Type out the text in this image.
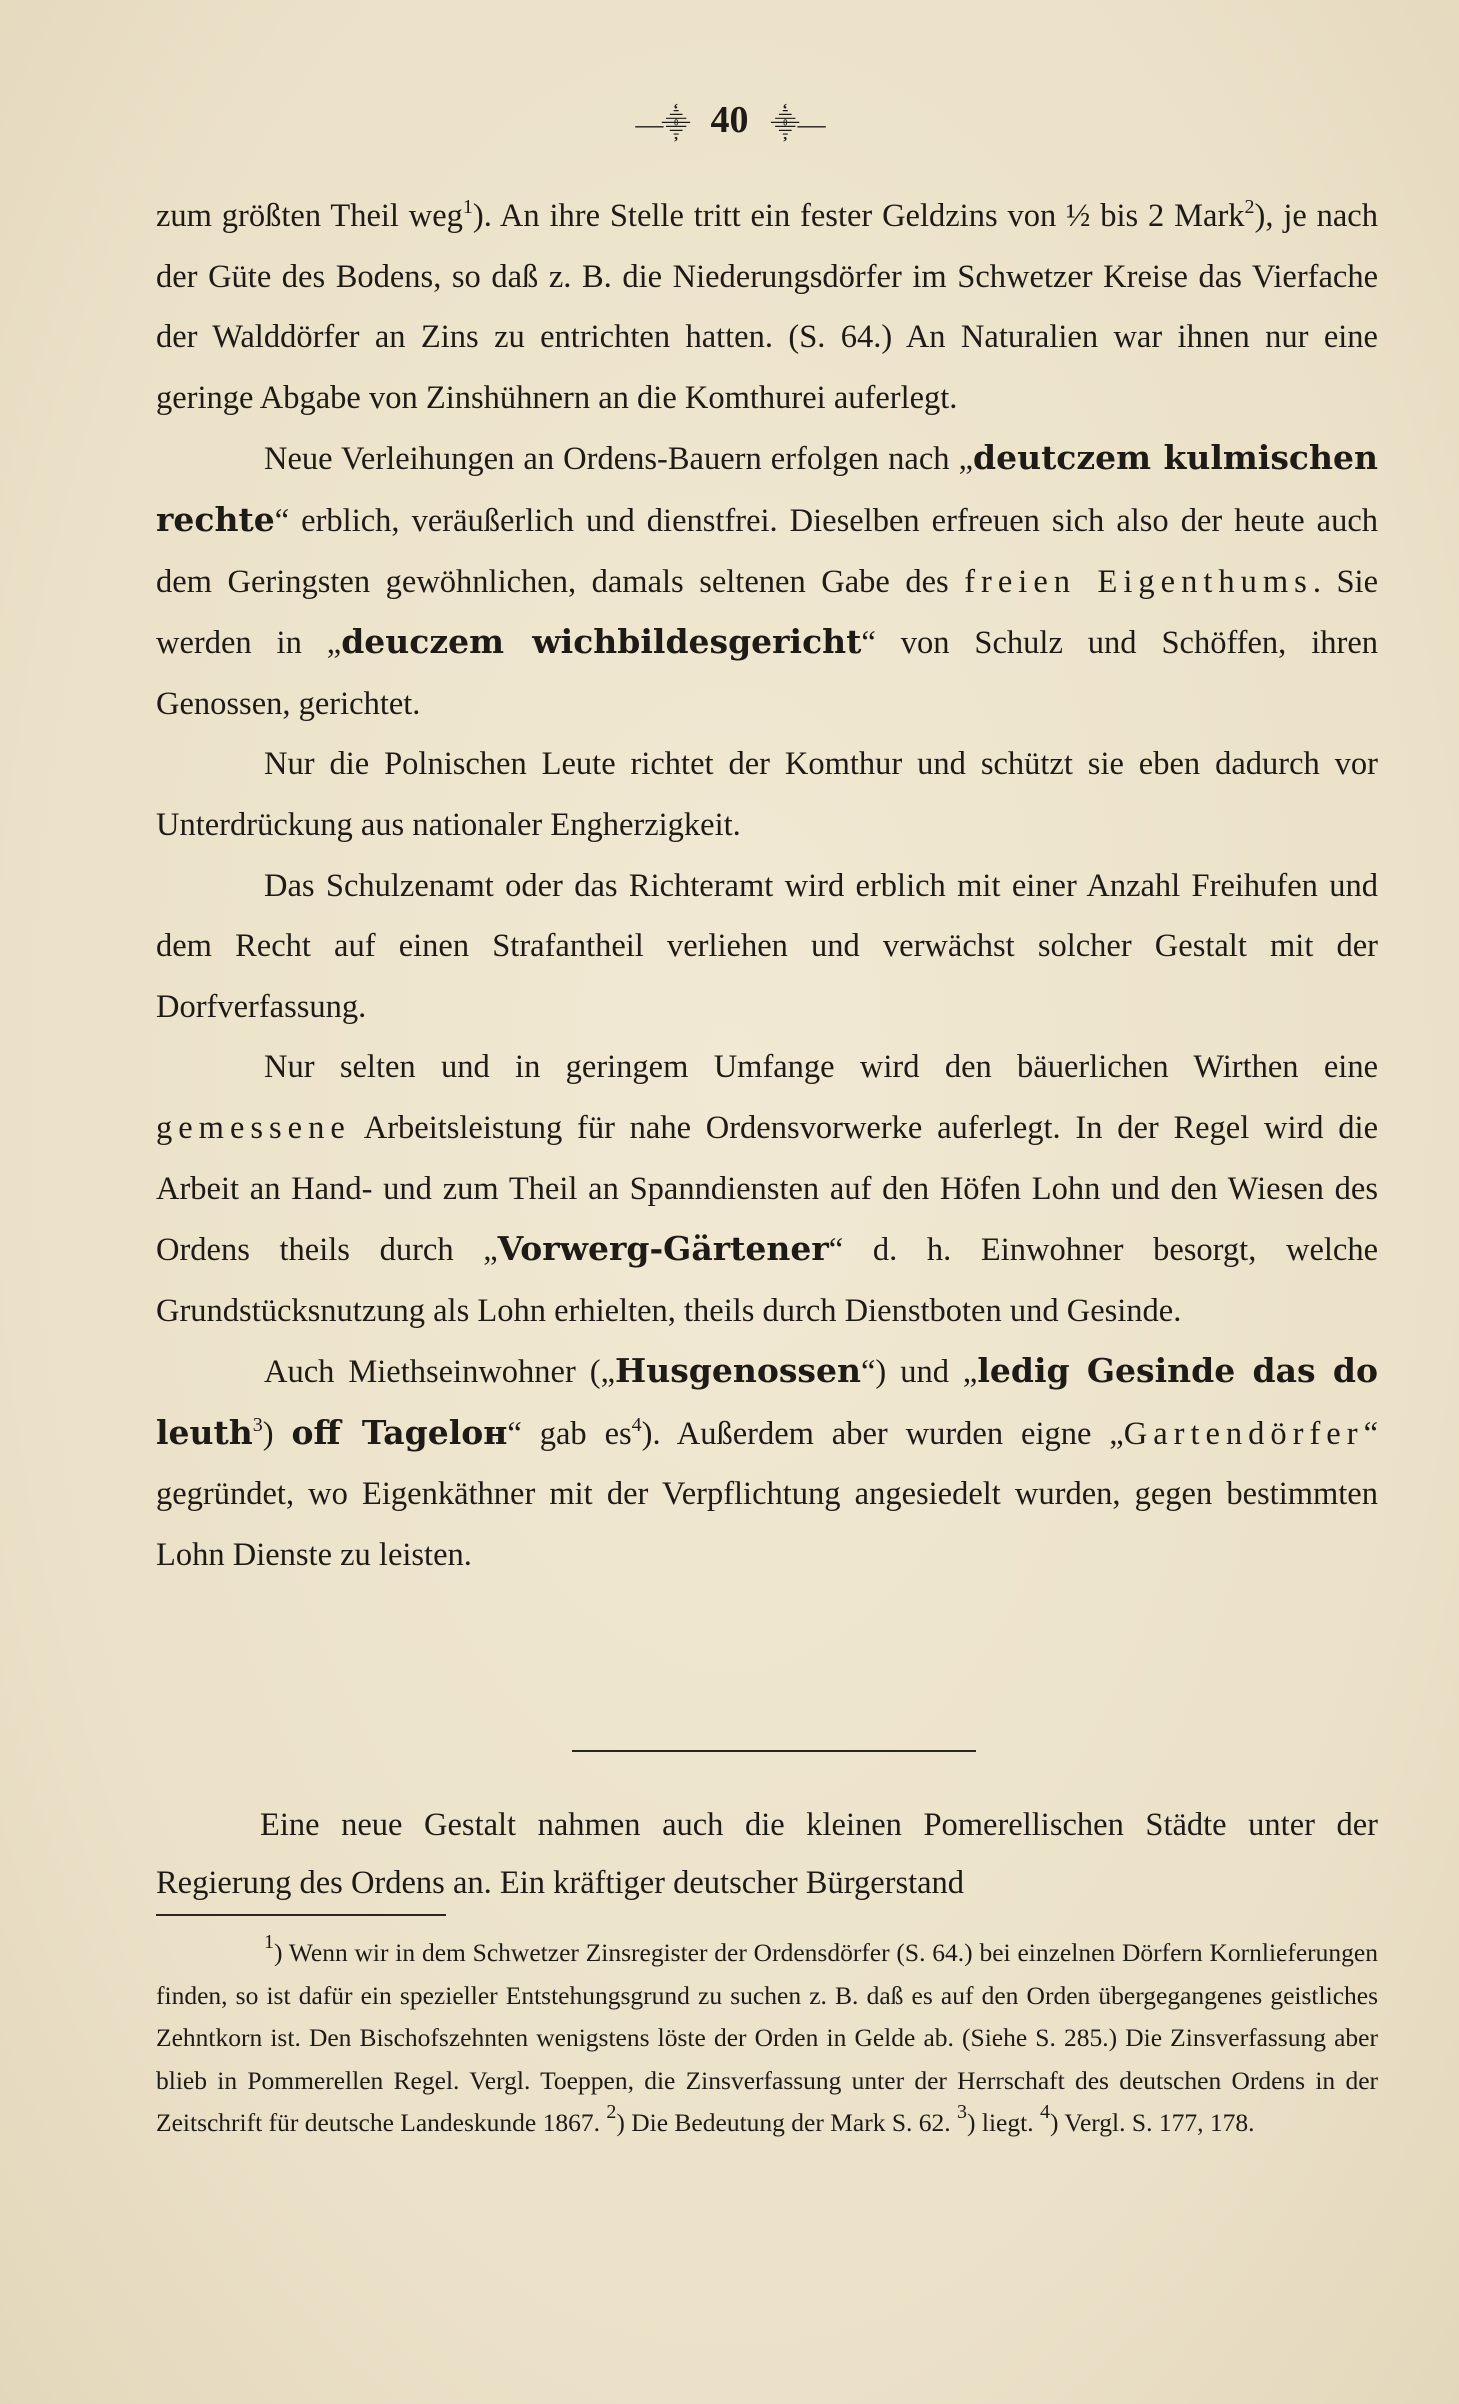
—⸎ 40 ⸎—

zum größten Theil weg$^1$). An ihre Stelle tritt ein fester Geldzins von ½ bis 2 Mark$^2$), je nach der Güte des Bodens, so daß z. B. die Niederungsdörfer im Schwetzer Kreise das Vierfache der Walddörfer an Zins zu entrichten hatten. (S. 64.) An Naturalien war ihnen nur eine geringe Abgabe von Zinshühnern an die Komthurei auferlegt.

Neue Verleihungen an Ordens-Bauern erfolgen nach „deutczem kulmischen rechte“ erblich, veräußerlich und dienstfrei. Dieselben erfreuen sich also der heute auch dem Geringsten gewöhnlichen, damals seltenen Gabe des freien Eigenthums. Sie werden in „deuczem wichbildesgericht“ von Schulz und Schöffen, ihren Genossen, gerichtet.

Nur die Polnischen Leute richtet der Komthur und schützt sie eben dadurch vor Unterdrückung aus nationaler Engherzigkeit.

Das Schulzenamt oder das Richteramt wird erblich mit einer Anzahl Freihufen und dem Recht auf einen Strafantheil verliehen und verwächst solcher Gestalt mit der Dorfverfassung.

Nur selten und in geringem Umfange wird den bäuerlichen Wirthen eine gemessene Arbeitsleistung für nahe Ordensvorwerke auferlegt. In der Regel wird die Arbeit an Hand- und zum Theil an Spanndiensten auf den Höfen Lohn und den Wiesen des Ordens theils durch „Vorwerg-Gärtener“ d. h. Einwohner besorgt, welche Grundstücksnutzung als Lohn erhielten, theils durch Dienstboten und Gesinde.

Auch Miethseinwohner („Husgenossen“) und „ledig Gesinde das do leuth$^3$) off Tageloн“ gab $es^4$). Außerdem aber wurden eigne „Gartendörfer“ gegründet, wo Eigenkäthner mit der Verpflichtung angesiedelt wurden, gegen bestimmten Lohn Dienste zu leisten.

Eine neue Gestalt nahmen auch die kleinen Pomerellischen Städte unter der Regierung des Ordens an. Ein kräftiger deutscher Bürgerstand

$^1$) Wenn wir in dem Schwetzer Zinsregister der Ordensdörfer (S. 64.) bei einzelnen Dörfern Kornlieferungen finden, so ist dafür ein spezieller Entstehungsgrund zu suchen z. B. daß es auf den Orden übergegangenes geistliches Zehntkorn ist. Den Bischofszehnten wenigstens löste der Orden in Gelde ab. (Siehe S. 285.) Die Zinsverfassung aber blieb in Pommerellen Regel. Vergl. Toeppen, die Zinsverfassung unter der Herrschaft des deutschen Ordens in der Zeitschrift für deutsche Landeskunde 1867. $^2$) Die Bedeutung der Mark S. 62. $^3$) liegt. $^4$) Vergl. S. 177, 178.
